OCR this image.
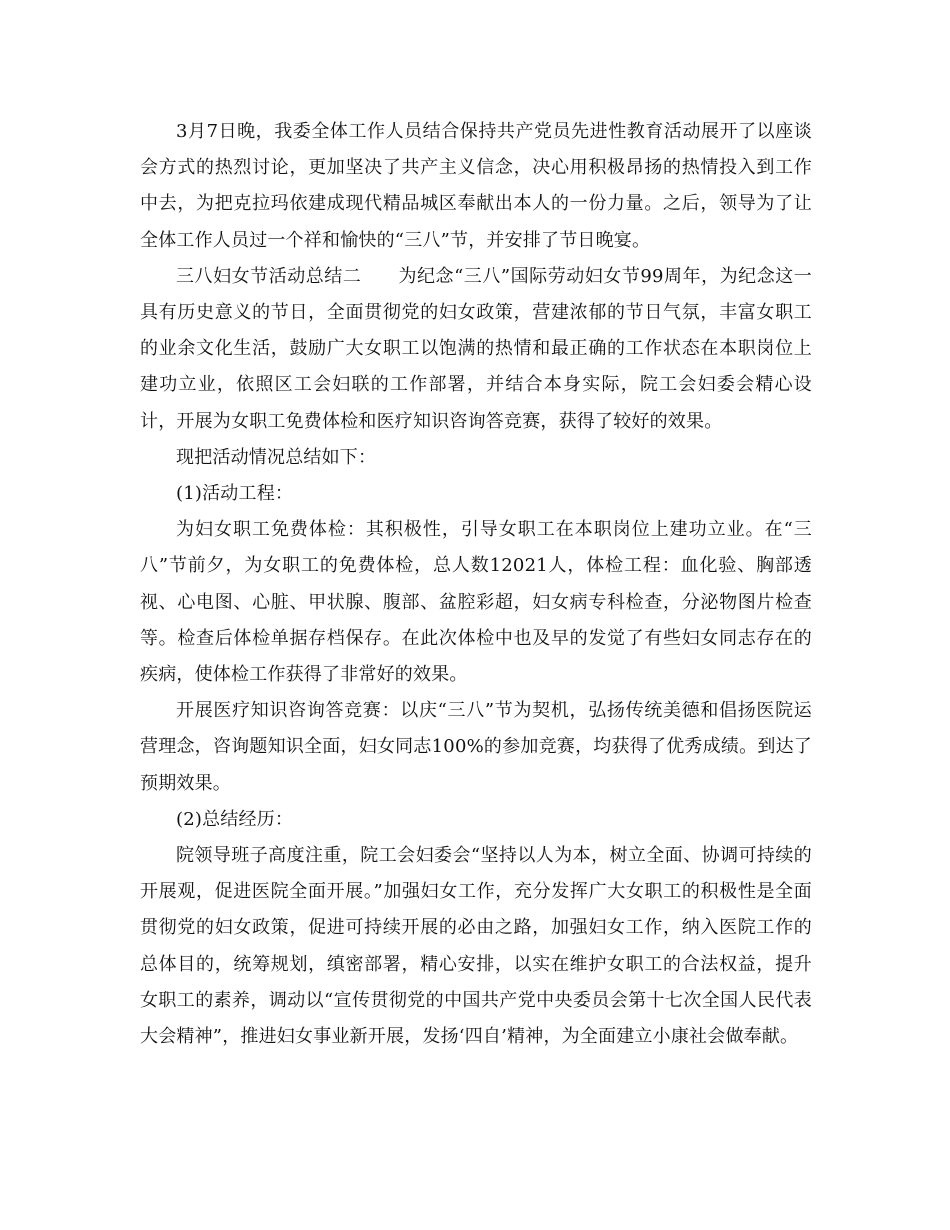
3月7日晚，我委全体工作人员结合保持共产党员先进性教育活动展开了以座谈会方式的热烈讨论，更加坚决了共产主义信念，决心用积极昂扬的热情投入到工作中去，为把克拉玛依建成现代精品城区奉献出本人的一份力量。之后，领导为了让全体工作人员过一个祥和愉快的“三八”节，并安排了节日晚宴。

三八妇女节活动总结二　　为纪念“三八”国际劳动妇女节99周年，为纪念这一具有历史意义的节日，全面贯彻党的妇女政策，营建浓郁的节日气氛，丰富女职工的业余文化生活，鼓励广大女职工以饱满的热情和最正确的工作状态在本职岗位上建功立业，依照区工会妇联的工作部署，并结合本身实际，院工会妇委会精心设计，开展为女职工免费体检和医疗知识咨询答竞赛，获得了较好的效果。

现把活动情况总结如下：

(1)活动工程：

为妇女职工免费体检：其积极性，引导女职工在本职岗位上建功立业。在“三八”节前夕，为女职工的免费体检，总人数12021人，体检工程：血化验、胸部透视、心电图、心脏、甲状腺、腹部、盆腔彩超，妇女病专科检查，分泌物图片检查等。检查后体检单据存档保存。在此次体检中也及早的发觉了有些妇女同志存在的疾病，使体检工作获得了非常好的效果。

开展医疗知识咨询答竞赛：以庆“三八”节为契机，弘扬传统美德和倡扬医院运营理念，咨询题知识全面，妇女同志100%的参加竞赛，均获得了优秀成绩。到达了预期效果。

(2)总结经历：

院领导班子高度注重，院工会妇委会“坚持以人为本，树立全面、协调可持续的开展观，促进医院全面开展。”加强妇女工作，充分发挥广大女职工的积极性是全面贯彻党的妇女政策，促进可持续开展的必由之路，加强妇女工作，纳入医院工作的总体目的，统筹规划，缜密部署，精心安排，以实在维护女职工的合法权益，提升女职工的素养，调动以“宣传贯彻党的中国共产党中央委员会第十七次全国人民代表大会精神”，推进妇女事业新开展，发扬‘四自’精神，为全面建立小康社会做奉献。
